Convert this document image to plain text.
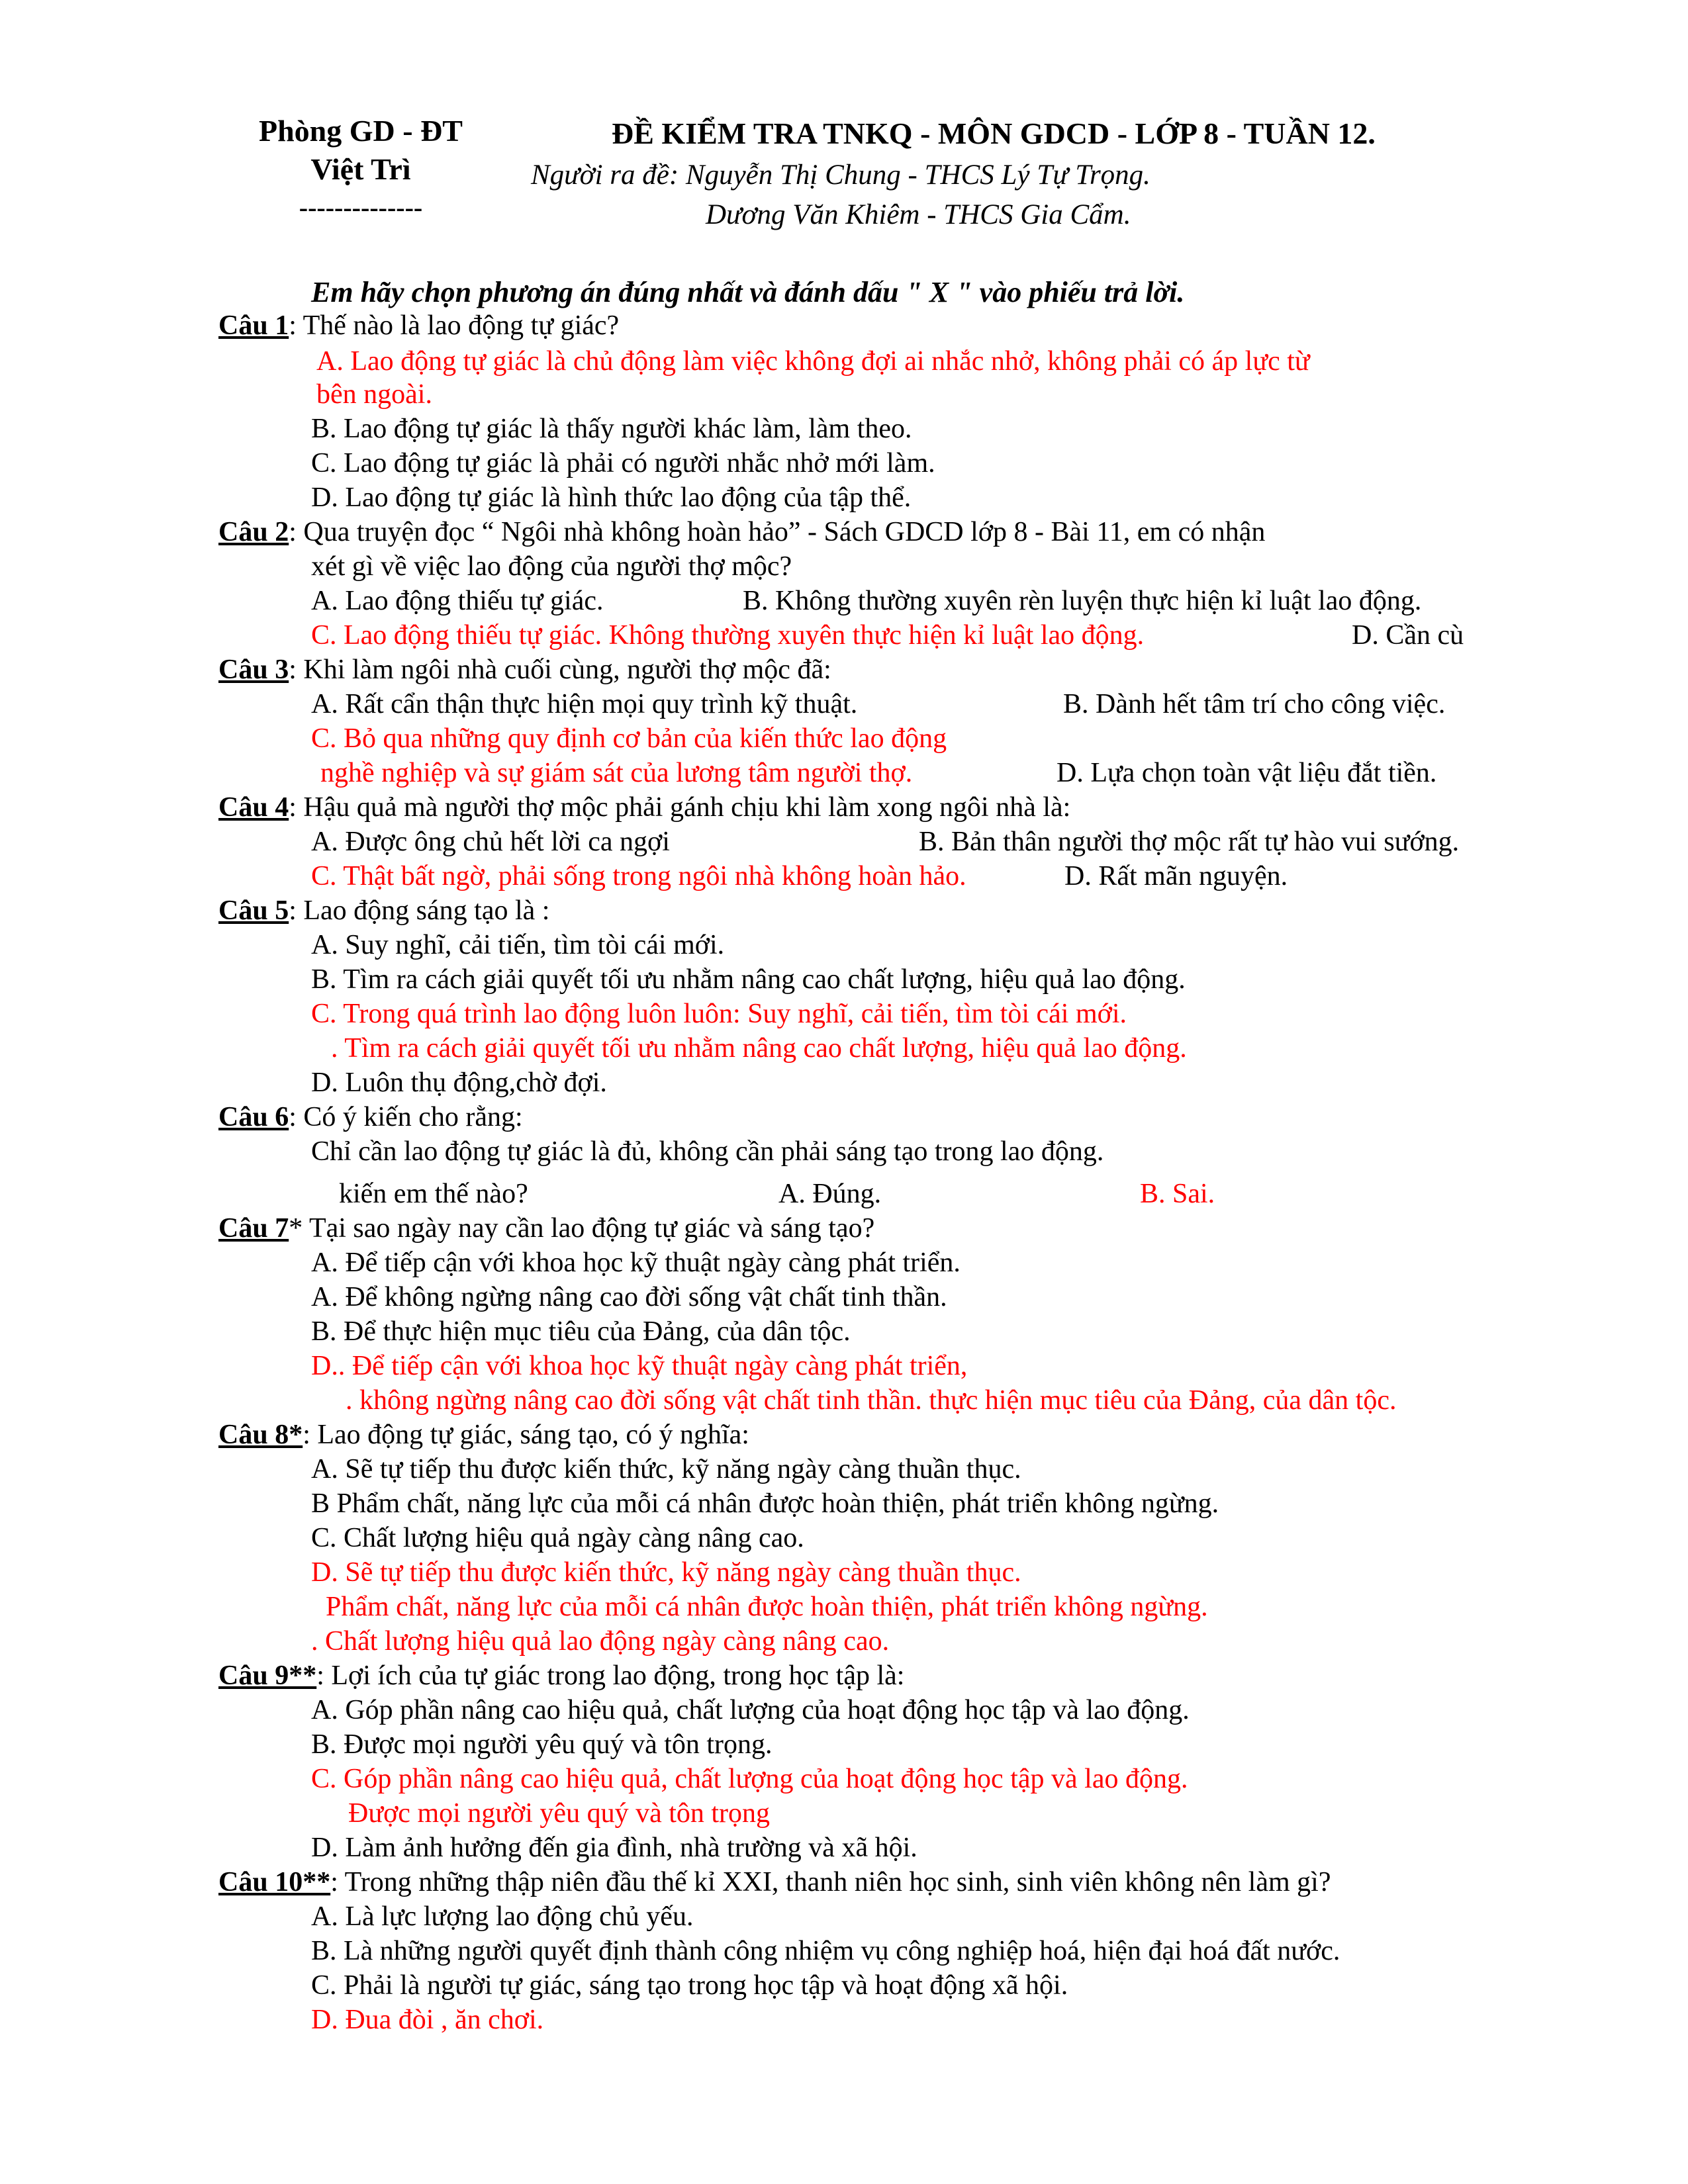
Phòng GD - ĐT
Việt Trì
--------------
ĐỀ KIỂM TRA TNKQ - MÔN GDCD - LỚP 8 - TUẦN 12.
Người ra đề: Nguyễn Thị Chung - THCS Lý Tự Trọng.
Dương Văn Khiêm - THCS Gia Cẩm.
Em hãy chọn phương án đúng nhất và đánh dấu " X " vào phiếu trả lời.
Câu 1: Thế nào là lao động tự giác?
A. Lao động tự giác là chủ động làm việc không đợi ai nhắc nhở, không phải có áp lực từ
bên ngoài.
B. Lao động tự giác là thấy người khác làm, làm theo.
C. Lao động tự giác là phải có người nhắc nhở mới làm.
D. Lao động tự giác là hình thức lao động của tập thể.
Câu 2: Qua truyện đọc “ Ngôi nhà không hoàn hảo” - Sách GDCD lớp 8 - Bài 11, em có nhận
xét gì về việc lao động của người thợ mộc?
A. Lao động thiếu tự giác.	B. Không thường xuyên rèn luyện thực hiện kỉ luật lao động.
C. Lao động thiếu tự giác. Không thường xuyên thực hiện kỉ luật lao động.	D. Cần cù
Câu 3: Khi làm ngôi nhà cuối cùng, người thợ mộc đã:
A. Rất cẩn thận thực hiện mọi quy trình kỹ thuật.	B. Dành hết tâm trí cho công việc.
C. Bỏ qua những quy định cơ bản của kiến thức lao động
nghề nghiệp và sự giám sát của lương tâm người thợ.	D. Lựa chọn toàn vật liệu đắt tiền.
Câu 4: Hậu quả mà người thợ mộc phải gánh chịu khi làm xong ngôi nhà là:
A. Được ông chủ hết lời ca ngợi	B. Bản thân người thợ mộc rất tự hào vui sướng.
C. Thật bất ngờ, phải sống trong ngôi nhà không hoàn hảo.	D. Rất mãn nguyện.
Câu 5: Lao động sáng tạo là :
A. Suy nghĩ, cải tiến, tìm tòi cái mới.
B. Tìm ra cách giải quyết tối ưu nhằm nâng cao chất lượng, hiệu quả lao động.
C. Trong quá trình lao động luôn luôn: Suy nghĩ, cải tiến, tìm tòi cái mới.
. Tìm ra cách giải quyết tối ưu nhằm nâng cao chất lượng, hiệu quả lao động.
D. Luôn thụ động,chờ đợi.
Câu 6: Có ý kiến cho rằng:
Chỉ cần lao động tự giác là đủ, không cần phải sáng tạo trong lao động.
kiến em thế nào?	A. Đúng.	B. Sai.
Câu 7* Tại sao ngày nay cần lao động tự giác và sáng tạo?
A. Để tiếp cận với khoa học kỹ thuật ngày càng phát triển.
A. Để không ngừng nâng cao đời sống vật chất tinh thần.
B. Để thực hiện mục tiêu của Đảng, của dân tộc.
D.. Để tiếp cận với khoa học kỹ thuật ngày càng phát triển,
. không ngừng nâng cao đời sống vật chất tinh thần. thực hiện mục tiêu của Đảng, của dân tộc.
Câu 8*: Lao động tự giác, sáng tạo, có ý nghĩa:
A. Sẽ tự tiếp thu được kiến thức, kỹ năng ngày càng thuần thục.
B Phẩm chất, năng lực của mỗi cá nhân được hoàn thiện, phát triển không ngừng.
C. Chất lượng hiệu quả ngày càng nâng cao.
D. Sẽ tự tiếp thu được kiến thức, kỹ năng ngày càng thuần thục.
Phẩm chất, năng lực của mỗi cá nhân được hoàn thiện, phát triển không ngừng.
. Chất lượng hiệu quả lao động ngày càng nâng cao.
Câu 9**: Lợi ích của tự giác trong lao động, trong học tập là:
A. Góp phần nâng cao hiệu quả, chất lượng của hoạt động học tập và lao động.
B. Được mọi người yêu quý và tôn trọng.
C. Góp phần nâng cao hiệu quả, chất lượng của hoạt động học tập và lao động.
Được mọi người yêu quý và tôn trọng
D. Làm ảnh hưởng đến gia đình, nhà trường và xã hội.
Câu 10**: Trong những thập niên đầu thế kỉ XXI, thanh niên học sinh, sinh viên không nên làm gì?
A. Là lực lượng lao động chủ yếu.
B. Là những người quyết định thành công nhiệm vụ công nghiệp hoá, hiện đại hoá đất nước.
C. Phải là người tự giác, sáng tạo trong học tập và hoạt động xã hội.
D. Đua đòi , ăn chơi.
